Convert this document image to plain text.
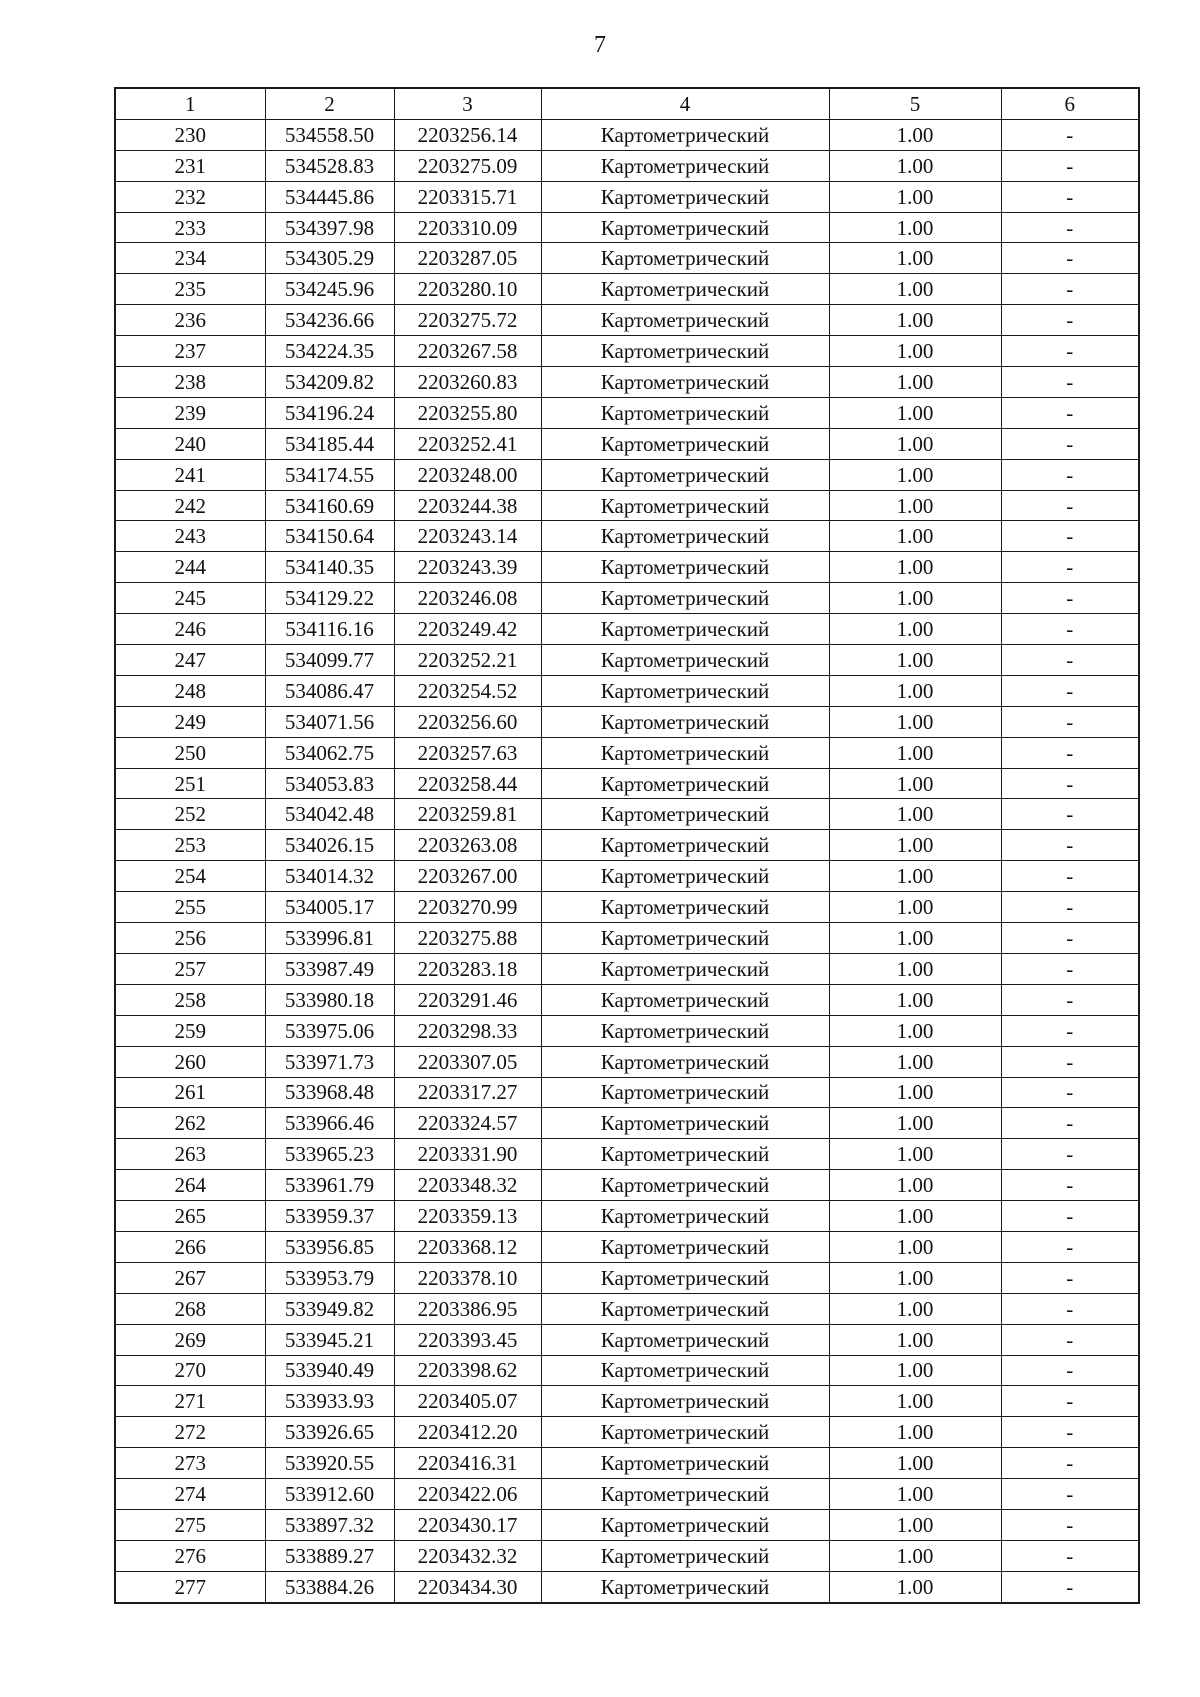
7
1	2	3	4	5	6
230	534558.50	2203256.14	Картометрический	1.00	-
231	534528.83	2203275.09	Картометрический	1.00	-
232	534445.86	2203315.71	Картометрический	1.00	-
233	534397.98	2203310.09	Картометрический	1.00	-
234	534305.29	2203287.05	Картометрический	1.00	-
235	534245.96	2203280.10	Картометрический	1.00	-
236	534236.66	2203275.72	Картометрический	1.00	-
237	534224.35	2203267.58	Картометрический	1.00	-
238	534209.82	2203260.83	Картометрический	1.00	-
239	534196.24	2203255.80	Картометрический	1.00	-
240	534185.44	2203252.41	Картометрический	1.00	-
241	534174.55	2203248.00	Картометрический	1.00	-
242	534160.69	2203244.38	Картометрический	1.00	-
243	534150.64	2203243.14	Картометрический	1.00	-
244	534140.35	2203243.39	Картометрический	1.00	-
245	534129.22	2203246.08	Картометрический	1.00	-
246	534116.16	2203249.42	Картометрический	1.00	-
247	534099.77	2203252.21	Картометрический	1.00	-
248	534086.47	2203254.52	Картометрический	1.00	-
249	534071.56	2203256.60	Картометрический	1.00	-
250	534062.75	2203257.63	Картометрический	1.00	-
251	534053.83	2203258.44	Картометрический	1.00	-
252	534042.48	2203259.81	Картометрический	1.00	-
253	534026.15	2203263.08	Картометрический	1.00	-
254	534014.32	2203267.00	Картометрический	1.00	-
255	534005.17	2203270.99	Картометрический	1.00	-
256	533996.81	2203275.88	Картометрический	1.00	-
257	533987.49	2203283.18	Картометрический	1.00	-
258	533980.18	2203291.46	Картометрический	1.00	-
259	533975.06	2203298.33	Картометрический	1.00	-
260	533971.73	2203307.05	Картометрический	1.00	-
261	533968.48	2203317.27	Картометрический	1.00	-
262	533966.46	2203324.57	Картометрический	1.00	-
263	533965.23	2203331.90	Картометрический	1.00	-
264	533961.79	2203348.32	Картометрический	1.00	-
265	533959.37	2203359.13	Картометрический	1.00	-
266	533956.85	2203368.12	Картометрический	1.00	-
267	533953.79	2203378.10	Картометрический	1.00	-
268	533949.82	2203386.95	Картометрический	1.00	-
269	533945.21	2203393.45	Картометрический	1.00	-
270	533940.49	2203398.62	Картометрический	1.00	-
271	533933.93	2203405.07	Картометрический	1.00	-
272	533926.65	2203412.20	Картометрический	1.00	-
273	533920.55	2203416.31	Картометрический	1.00	-
274	533912.60	2203422.06	Картометрический	1.00	-
275	533897.32	2203430.17	Картометрический	1.00	-
276	533889.27	2203432.32	Картометрический	1.00	-
277	533884.26	2203434.30	Картометрический	1.00	-
